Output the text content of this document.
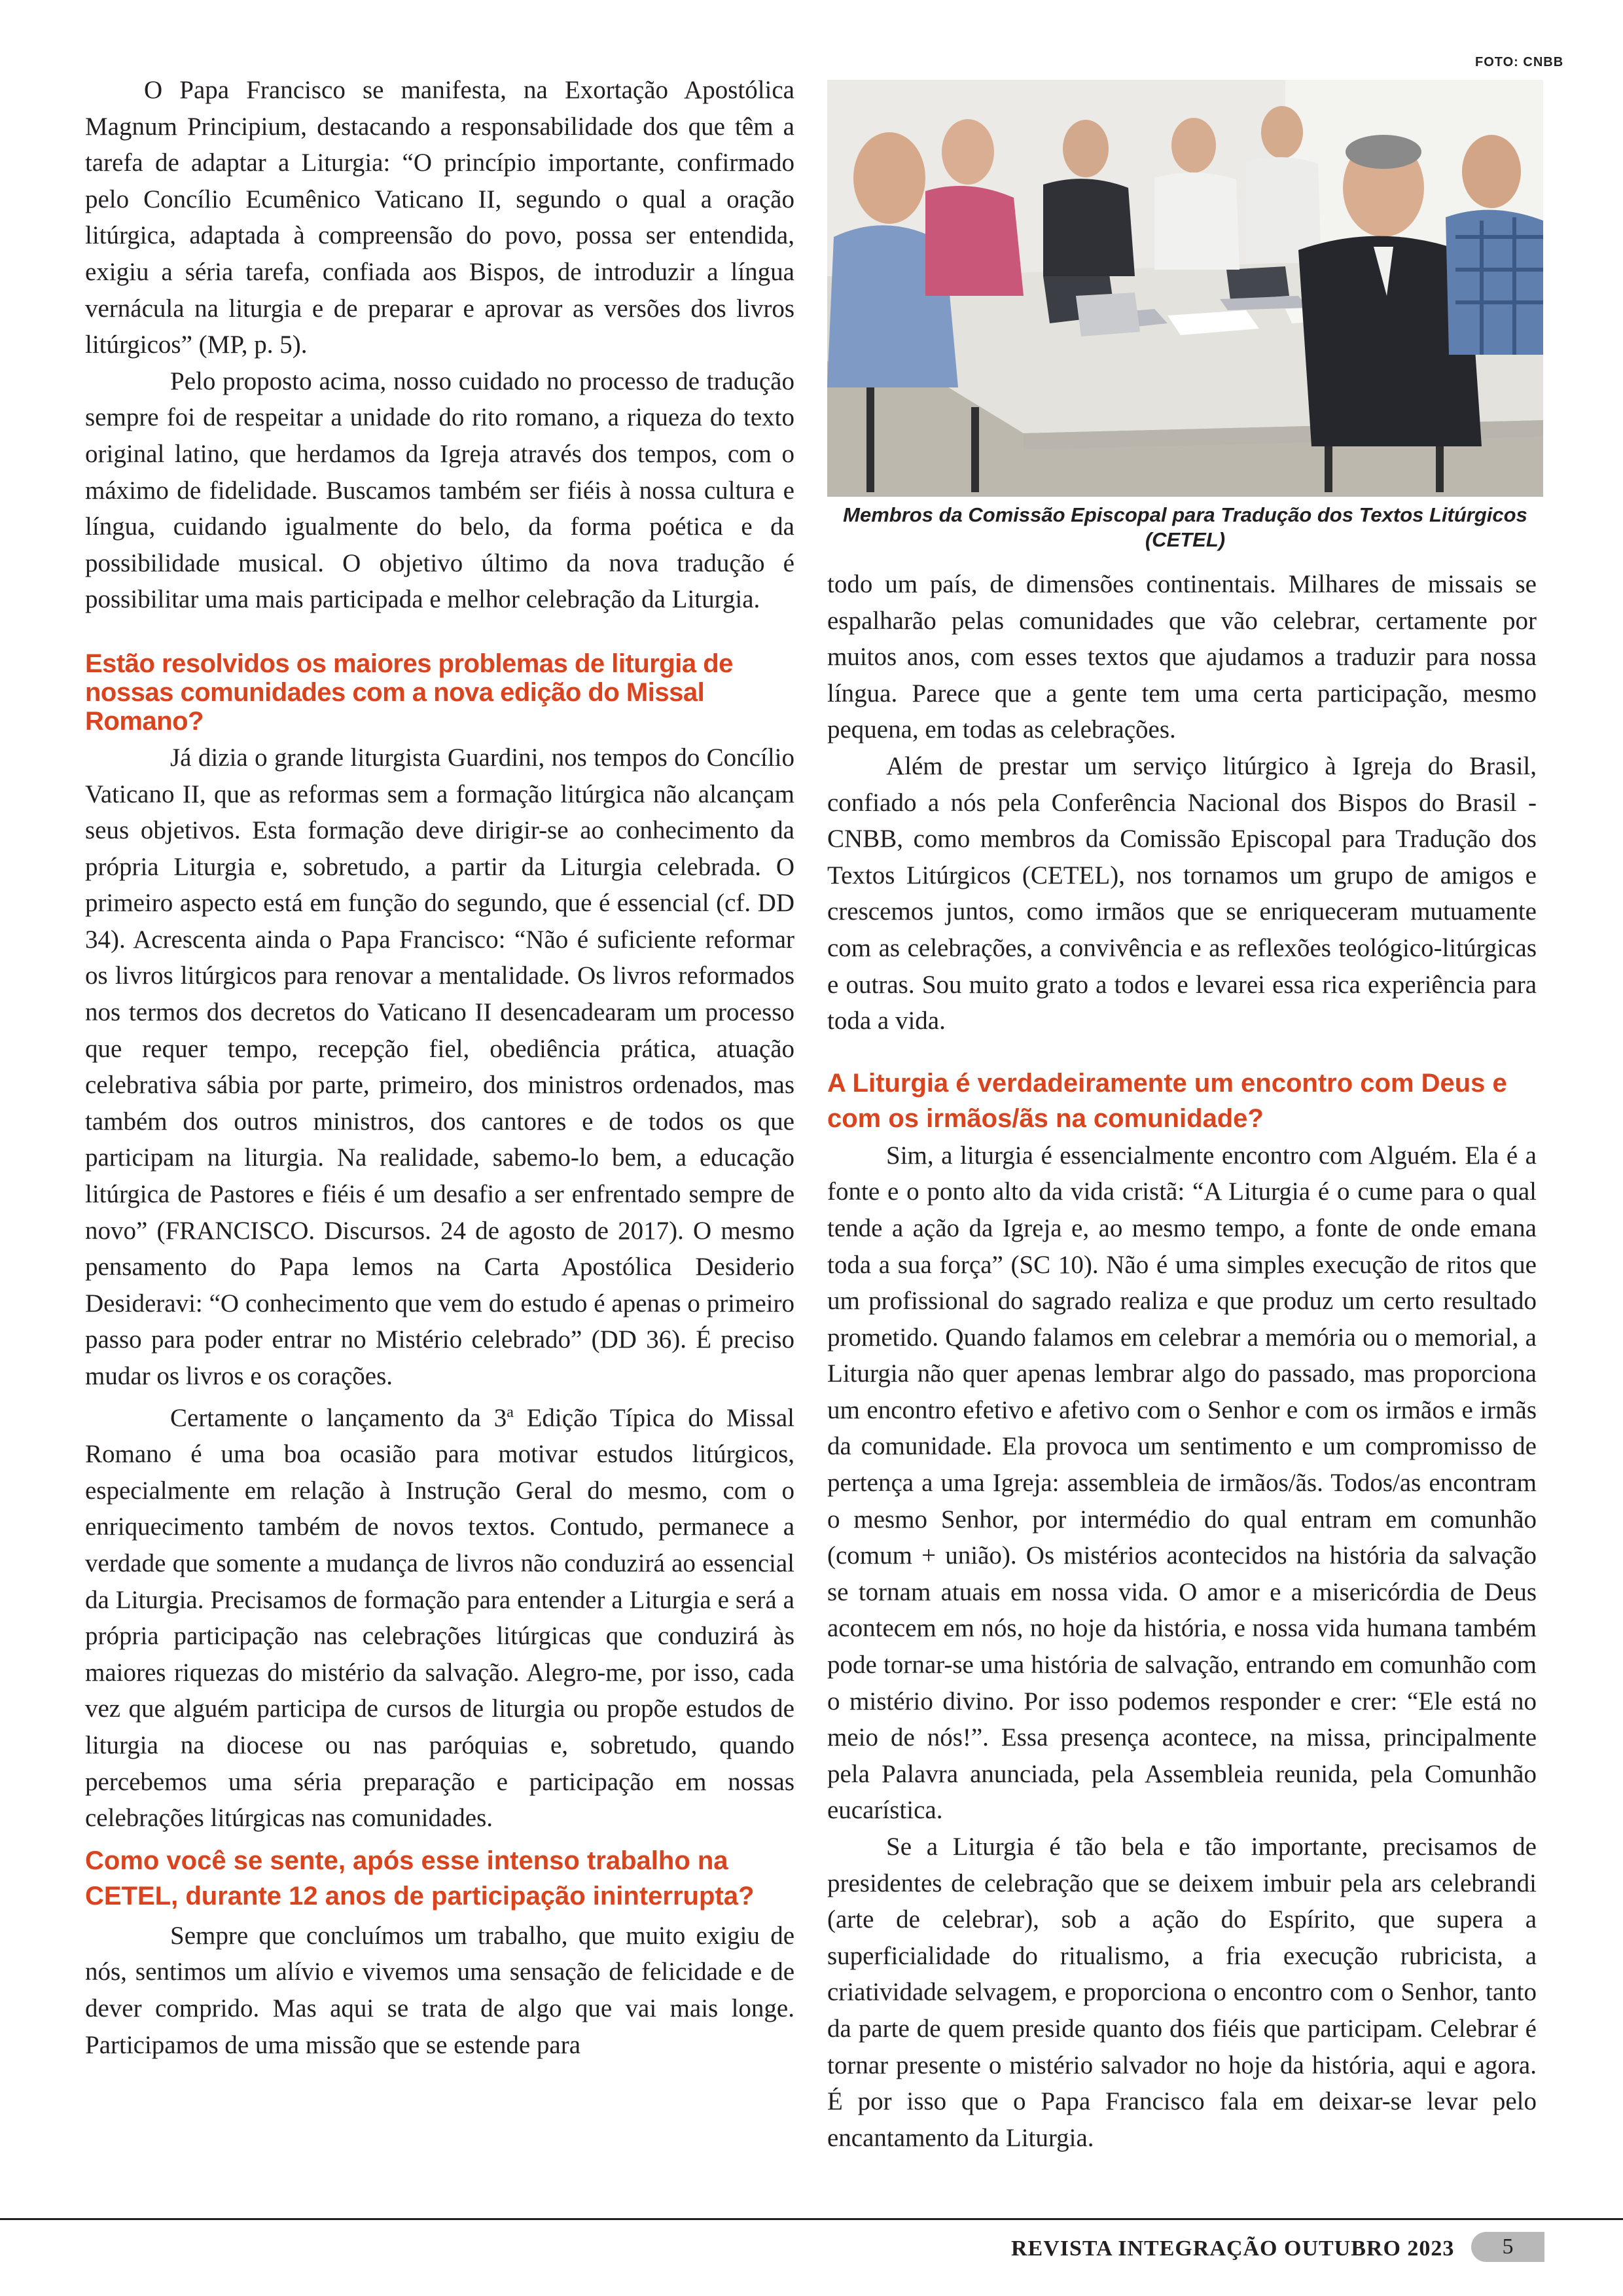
O Papa Francisco se manifesta, na Exortação Apostólica Magnum Principium, destacando a responsabilidade dos que têm a tarefa de adaptar a Liturgia: “O princípio importante, confirmado pelo Concílio Ecumênico Vaticano II, segundo o qual a oração litúrgica, adaptada à compreensão do povo, possa ser entendida, exigiu a séria tarefa, confiada aos Bispos, de introduzir a língua vernácula na liturgia e de preparar e aprovar as versões dos livros litúrgicos” (MP, p. 5).

Pelo proposto acima, nosso cuidado no processo de tradução sempre foi de respeitar a unidade do rito romano, a riqueza do texto original latino, que herdamos da Igreja através dos tempos, com o máximo de fidelidade. Buscamos também ser fiéis à nossa cultura e língua, cuidando igualmente do belo, da forma poética e da possibilidade musical. O objetivo último da nova tradução é possibilitar uma mais participada e melhor celebração da Liturgia.

Estão resolvidos os maiores problemas de liturgia de nossas comunidades com a nova edição do Missal Romano?

Já dizia o grande liturgista Guardini, nos tempos do Concílio Vaticano II, que as reformas sem a formação litúrgica não alcançam seus objetivos. Esta formação deve dirigir-se ao conhecimento da própria Liturgia e, sobretudo, a partir da Liturgia celebrada. O primeiro aspecto está em função do segundo, que é essencial (cf. DD 34). Acrescenta ainda o Papa Francisco: “Não é suficiente reformar os livros litúrgicos para renovar a mentalidade. Os livros reformados nos termos dos decretos do Vaticano II desencadearam um processo que requer tempo, recepção fiel, obediência prática, atuação celebrativa sábia por parte, primeiro, dos ministros ordenados, mas também dos outros ministros, dos cantores e de todos os que participam na liturgia. Na realidade, sabemo-lo bem, a educação litúrgica de Pastores e fiéis é um desafio a ser enfrentado sempre de novo” (FRANCISCO. Discursos. 24 de agosto de 2017). O mesmo pensamento do Papa lemos na Carta Apostólica Desiderio Desideravi: “O conhecimento que vem do estudo é apenas o primeiro passo para poder entrar no Mistério celebrado” (DD 36). É preciso mudar os livros e os corações.

Certamente o lançamento da 3$^a$ Edição Típica do Missal Romano é uma boa ocasião para motivar estudos litúrgicos, especialmente em relação à Instrução Geral do mesmo, com o enriquecimento também de novos textos. Contudo, permanece a verdade que somente a mudança de livros não conduzirá ao essencial da Liturgia. Precisamos de formação para entender a Liturgia e será a própria participação nas celebrações litúrgicas que conduzirá às maiores riquezas do mistério da salvação. Alegro-me, por isso, cada vez que alguém participa de cursos de liturgia ou propõe estudos de liturgia na diocese ou nas paróquias e, sobretudo, quando percebemos uma séria preparação e participação em nossas celebrações litúrgicas nas comunidades.

Como você se sente, após esse intenso trabalho na CETEL, durante 12 anos de participação ininterrupta?

Sempre que concluímos um trabalho, que muito exigiu de nós, sentimos um alívio e vivemos uma sensação de felicidade e de dever comprido. Mas aqui se trata de algo que vai mais longe. Participamos de uma missão que se estende para

FOTO: CNBB
Membros da Comissão Episcopal para Tradução dos Textos Litúrgicos (CETEL)

todo um país, de dimensões continentais. Milhares de missais se espalharão pelas comunidades que vão celebrar, certamente por muitos anos, com esses textos que ajudamos a traduzir para nossa língua. Parece que a gente tem uma certa participação, mesmo pequena, em todas as celebrações.

Além de prestar um serviço litúrgico à Igreja do Brasil, confiado a nós pela Conferência Nacional dos Bispos do Brasil - CNBB, como membros da Comissão Episcopal para Tradução dos Textos Litúrgicos (CETEL), nos tornamos um grupo de amigos e crescemos juntos, como irmãos que se enriqueceram mutuamente com as celebrações, a convivência e as reflexões teológico-litúrgicas e outras. Sou muito grato a todos e levarei essa rica experiência para toda a vida.

A Liturgia é verdadeiramente um encontro com Deus e com os irmãos/ãs na comunidade?

Sim, a liturgia é essencialmente encontro com Alguém. Ela é a fonte e o ponto alto da vida cristã: “A Liturgia é o cume para o qual tende a ação da Igreja e, ao mesmo tempo, a fonte de onde emana toda a sua força” (SC 10). Não é uma simples execução de ritos que um profissional do sagrado realiza e que produz um certo resultado prometido. Quando falamos em celebrar a memória ou o memorial, a Liturgia não quer apenas lembrar algo do passado, mas proporciona um encontro efetivo e afetivo com o Senhor e com os irmãos e irmãs da comunidade. Ela provoca um sentimento e um compromisso de pertença a uma Igreja: assembleia de irmãos/ãs. Todos/as encontram o mesmo Senhor, por intermédio do qual entram em comunhão (comum + união). Os mistérios acontecidos na história da salvação se tornam atuais em nossa vida. O amor e a misericórdia de Deus acontecem em nós, no hoje da história, e nossa vida humana também pode tornar-se uma história de salvação, entrando em comunhão com o mistério divino. Por isso podemos responder e crer: “Ele está no meio de nós!”. Essa presença acontece, na missa, principalmente pela Palavra anunciada, pela Assembleia reunida, pela Comunhão eucarística.

Se a Liturgia é tão bela e tão importante, precisamos de presidentes de celebração que se deixem imbuir pela ars celebrandi (arte de celebrar), sob a ação do Espírito, que supera a superficialidade do ritualismo, a fria execução rubricista, a criatividade selvagem, e proporciona o encontro com o Senhor, tanto da parte de quem preside quanto dos fiéis que participam. Celebrar é tornar presente o mistério salvador no hoje da história, aqui e agora. É por isso que o Papa Francisco fala em deixar-se levar pelo encantamento da Liturgia.

REVISTA INTEGRAÇÃO OUTUBRO 2023	5
